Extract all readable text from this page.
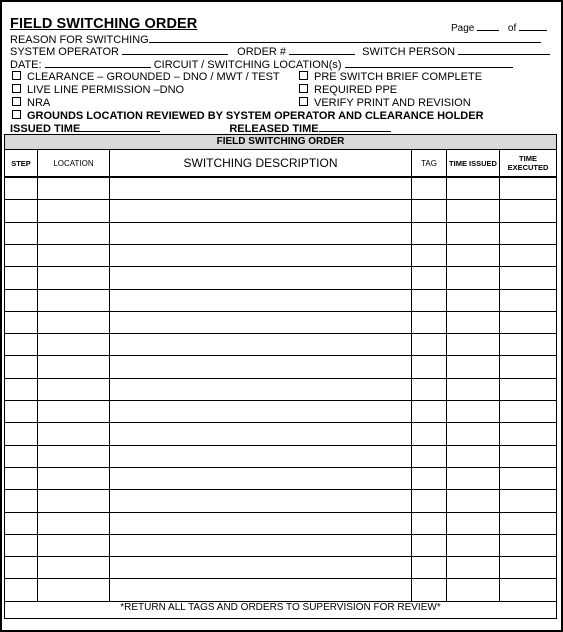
FIELD SWITCHING ORDER	Page	of
REASON FOR SWITCHING
SYSTEM OPERATOR	ORDER #	SWITCH PERSON
DATE:	CIRCUIT / SWITCHING LOCATION(s)
CLEARANCE – GROUNDED – DNO / MWT / TEST
LIVE LINE PERMISSION –DNO
NRA
PRE SWITCH BRIEF COMPLETE
REQUIRED PPE
VERIFY PRINT AND REVISION
GROUNDS LOCATION REVIEWED BY SYSTEM OPERATOR AND CLEARANCE HOLDER
ISSUED TIME	RELEASED TIME
FIELD SWITCHING ORDER
STEP	LOCATION	SWITCHING DESCRIPTION	TAG	TIME ISSUED	TIME EXECUTED
*RETURN ALL TAGS AND ORDERS TO SUPERVISION FOR REVIEW*
